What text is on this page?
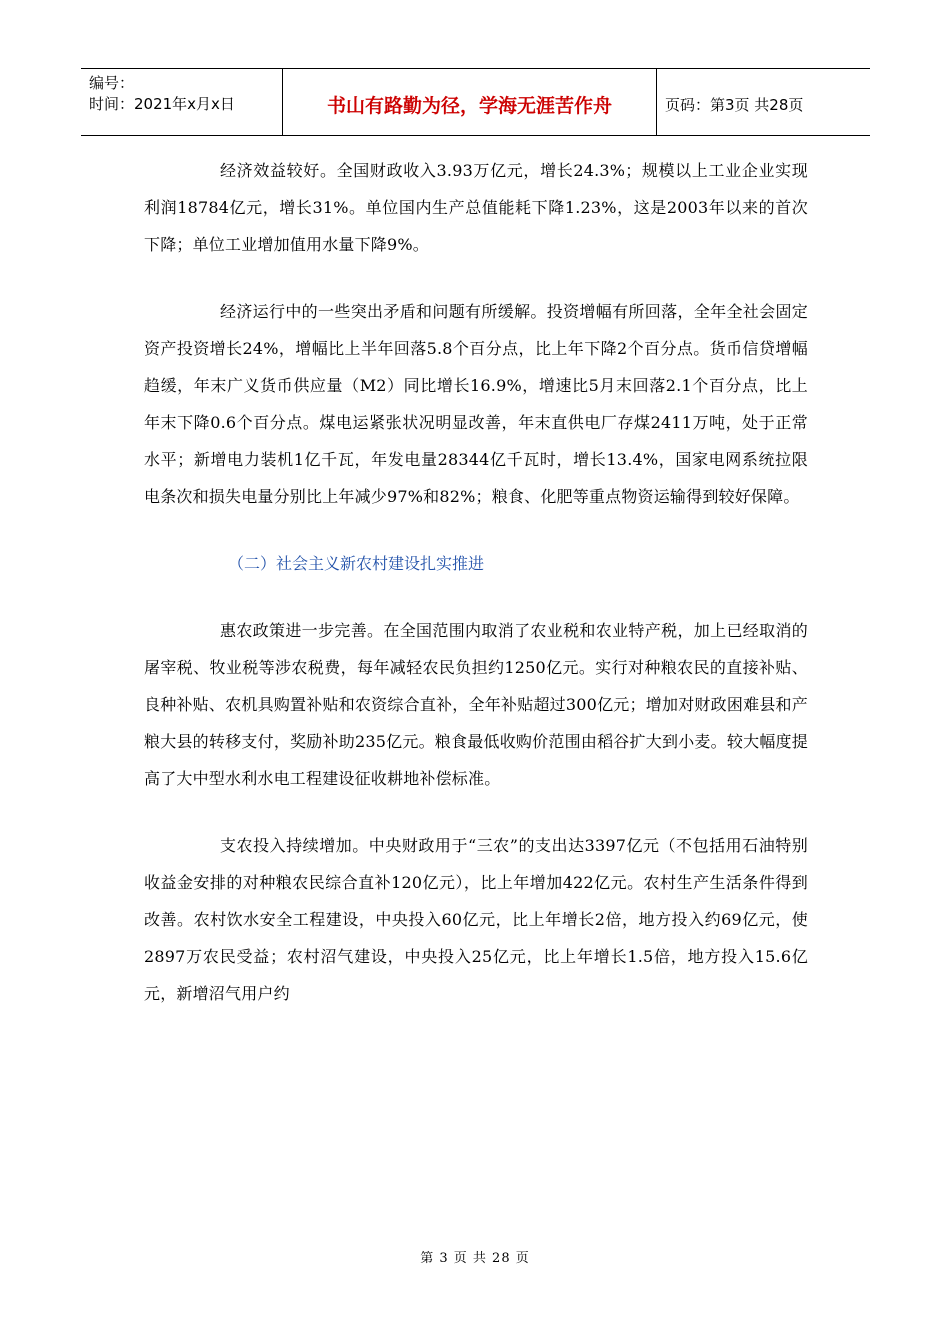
编号：
时间：2021年x月x日	书山有路勤为径，学海无涯苦作舟	页码：第3页 共28页

经济效益较好。全国财政收入3.93万亿元，增长24.3%；规模以上工业企业实现利润18784亿元，增长31%。单位国内生产总值能耗下降1.23%，这是2003年以来的首次下降；单位工业增加值用水量下降9%。

经济运行中的一些突出矛盾和问题有所缓解。投资增幅有所回落，全年全社会固定资产投资增长24%，增幅比上半年回落5.8个百分点，比上年下降2个百分点。货币信贷增幅趋缓，年末广义货币供应量（M2）同比增长16.9%，增速比5月末回落2.1个百分点，比上年末下降0.6个百分点。煤电运紧张状况明显改善，年末直供电厂存煤2411万吨，处于正常水平；新增电力装机1亿千瓦，年发电量28344亿千瓦时，增长13.4%，国家电网系统拉限电条次和损失电量分别比上年减少97%和82%；粮食、化肥等重点物资运输得到较好保障。

（二）社会主义新农村建设扎实推进

惠农政策进一步完善。在全国范围内取消了农业税和农业特产税，加上已经取消的屠宰税、牧业税等涉农税费，每年减轻农民负担约1250亿元。实行对种粮农民的直接补贴、良种补贴、农机具购置补贴和农资综合直补，全年补贴超过300亿元；增加对财政困难县和产粮大县的转移支付，奖励补助235亿元。粮食最低收购价范围由稻谷扩大到小麦。较大幅度提高了大中型水利水电工程建设征收耕地补偿标准。

支农投入持续增加。中央财政用于“三农”的支出达3397亿元（不包括用石油特别收益金安排的对种粮农民综合直补120亿元），比上年增加422亿元。农村生产生活条件得到改善。农村饮水安全工程建设，中央投入60亿元，比上年增长2倍，地方投入约69亿元，使2897万农民受益；农村沼气建设，中央投入25亿元，比上年增长1.5倍，地方投入15.6亿元，新增沼气用户约

第 3 页 共 28 页
